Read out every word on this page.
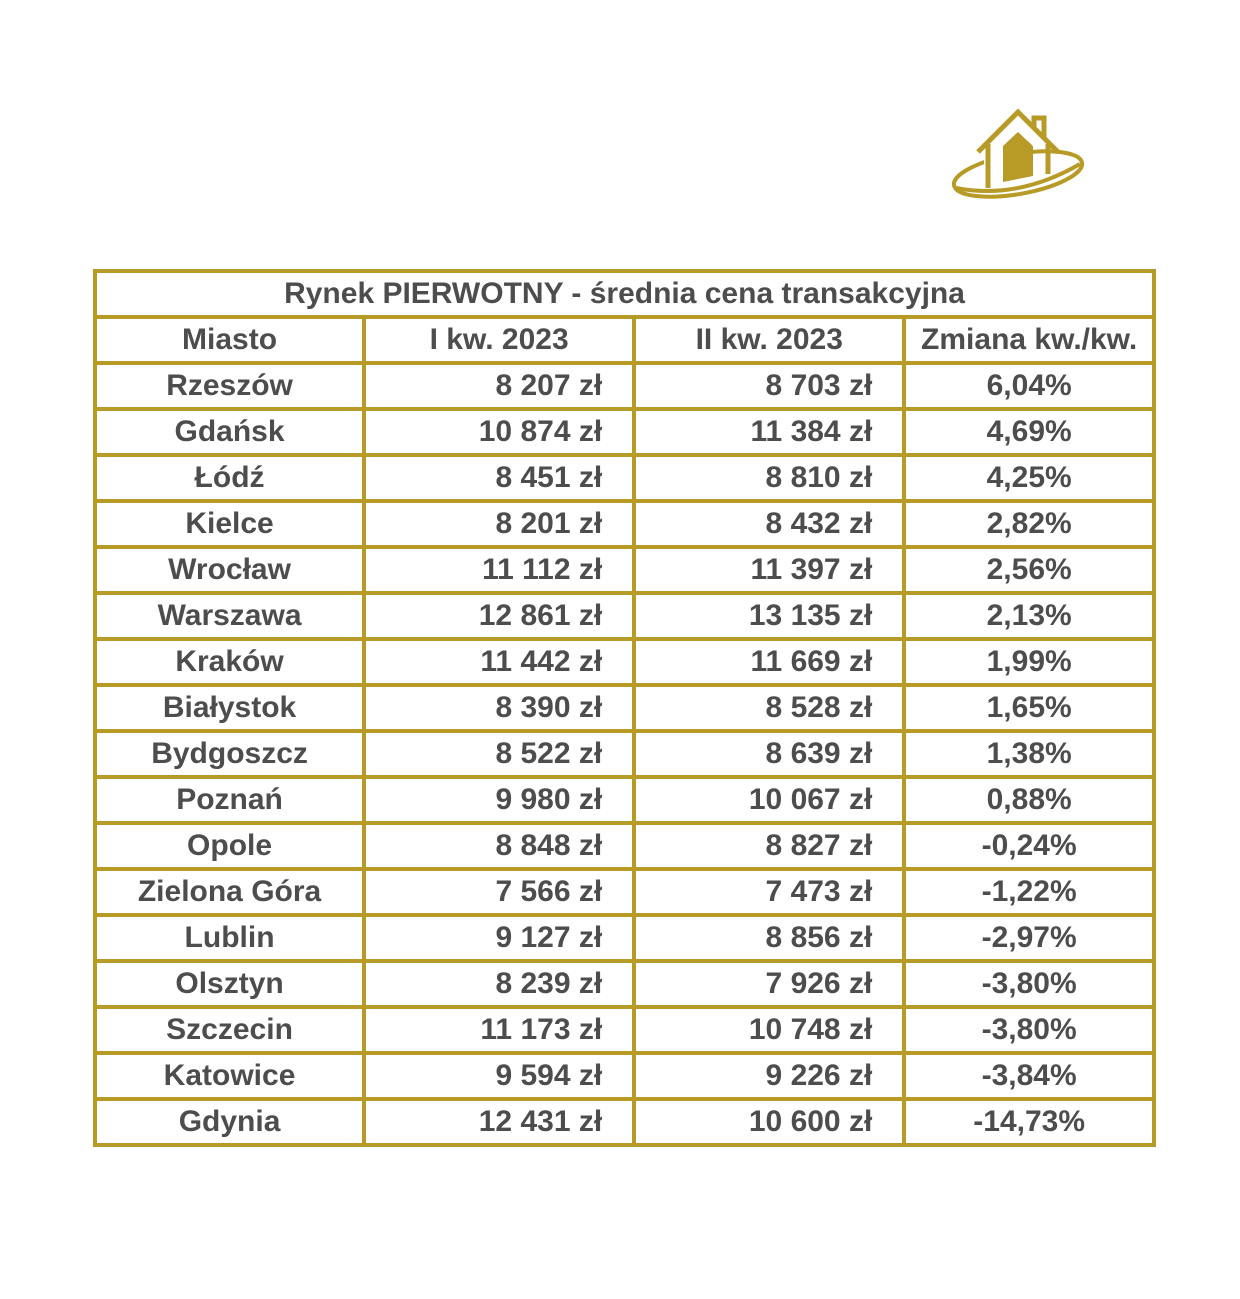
Rynek PIERWOTNY - średnia cena transakcyjna			
Miasto	I kw. 2023	II kw. 2023	Zmiana kw./kw.
Rzeszów	8 207 zł	8 703 zł	6,04%
Gdańsk	10 874 zł	11 384 zł	4,69%
Łódź	8 451 zł	8 810 zł	4,25%
Kielce	8 201 zł	8 432 zł	2,82%
Wrocław	11 112 zł	11 397 zł	2,56%
Warszawa	12 861 zł	13 135 zł	2,13%
Kraków	11 442 zł	11 669 zł	1,99%
Białystok	8 390 zł	8 528 zł	1,65%
Bydgoszcz	8 522 zł	8 639 zł	1,38%
Poznań	9 980 zł	10 067 zł	0,88%
Opole	8 848 zł	8 827 zł	-0,24%
Zielona Góra	7 566 zł	7 473 zł	-1,22%
Lublin	9 127 zł	8 856 zł	-2,97%
Olsztyn	8 239 zł	7 926 zł	-3,80%
Szczecin	11 173 zł	10 748 zł	-3,80%
Katowice	9 594 zł	9 226 zł	-3,84%
Gdynia	12 431 zł	10 600 zł	-14,73%
